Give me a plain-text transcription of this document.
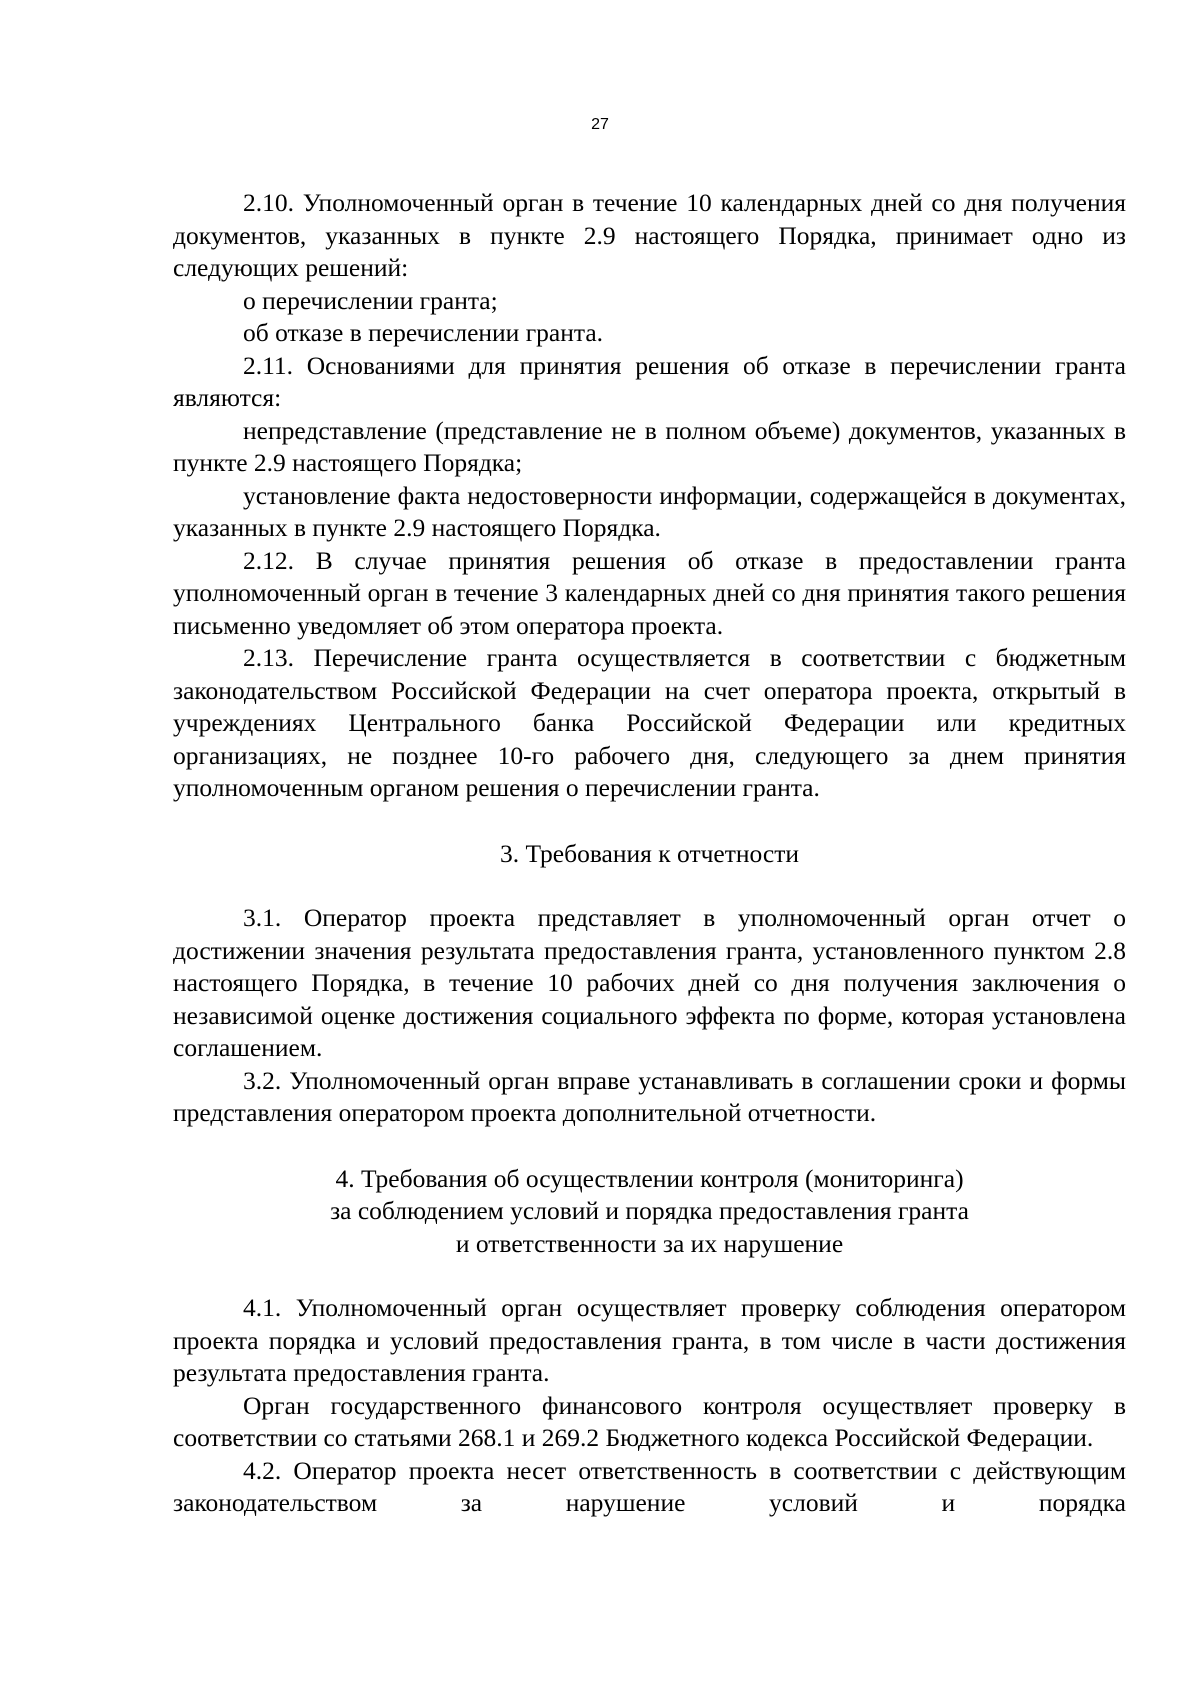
27

2.10. Уполномоченный орган в течение 10 календарных дней со дня получения документов, указанных в пункте 2.9 настоящего Порядка, принимает одно из следующих решений:

о перечислении гранта;

об отказе в перечислении гранта.

2.11. Основаниями для принятия решения об отказе в перечислении гранта являются:

непредставление (представление не в полном объеме) документов, указанных в пункте 2.9 настоящего Порядка;

установление факта недостоверности информации, содержащейся в документах, указанных в пункте 2.9 настоящего Порядка.

2.12. В случае принятия решения об отказе в предоставлении гранта уполномоченный орган в течение 3 календарных дней со дня принятия такого решения письменно уведомляет об этом оператора проекта.

2.13. Перечисление гранта осуществляется в соответствии с бюджетным законодательством Российской Федерации на счет оператора проекта, открытый в учреждениях Центрального банка Российской Федерации или кредитных организациях, не позднее 10-го рабочего дня, следующего за днем принятия уполномоченным органом решения о перечислении гранта.

3. Требования к отчетности

3.1. Оператор проекта представляет в уполномоченный орган отчет о достижении значения результата предоставления гранта, установленного пунктом 2.8 настоящего Порядка, в течение 10 рабочих дней со дня получения заключения о независимой оценке достижения социального эффекта по форме, которая установлена соглашением.

3.2. Уполномоченный орган вправе устанавливать в соглашении сроки и формы представления оператором проекта дополнительной отчетности.

4. Требования об осуществлении контроля (мониторинга)

за соблюдением условий и порядка предоставления гранта

и ответственности за их нарушение

4.1. Уполномоченный орган осуществляет проверку соблюдения оператором проекта порядка и условий предоставления гранта, в том числе в части достижения результата предоставления гранта.

Орган государственного финансового контроля осуществляет проверку в соответствии со статьями 268.1 и 269.2 Бюджетного кодекса Российской Федерации.

4.2. Оператор проекта несет ответственность в соответствии с действующим законодательством за нарушение условий и порядка
